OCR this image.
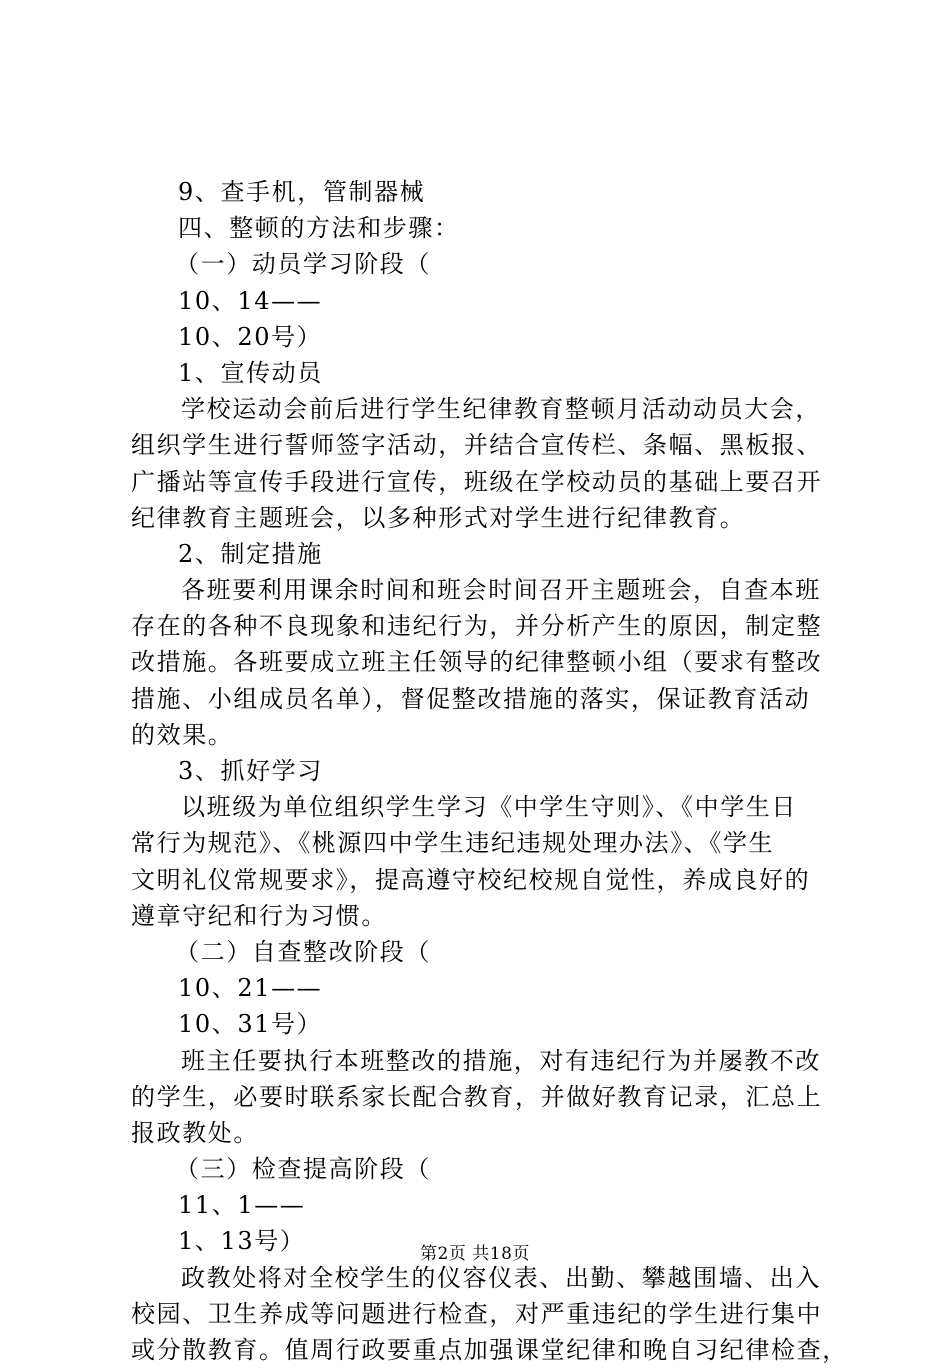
9、查手机，管制器械
四、整顿的方法和步骤：
（一）动员学习阶段（
10、14——
10、20号）
1、宣传动员
学校运动会前后进行学生纪律教育整顿月活动动员大会，
组织学生进行誓师签字活动，并结合宣传栏、条幅、黑板报、
广播站等宣传手段进行宣传，班级在学校动员的基础上要召开
纪律教育主题班会，以多种形式对学生进行纪律教育。
2、制定措施
各班要利用课余时间和班会时间召开主题班会，自查本班
存在的各种不良现象和违纪行为，并分析产生的原因，制定整
改措施。各班要成立班主任领导的纪律整顿小组（要求有整改
措施、小组成员名单），督促整改措施的落实，保证教育活动
的效果。
3、抓好学习
以班级为单位组织学生学习《中学生守则》、《中学生日
常行为规范》、《桃源四中学生违纪违规处理办法》、《学生
文明礼仪常规要求》，提高遵守校纪校规自觉性，养成良好的
遵章守纪和行为习惯。
（二）自查整改阶段（
10、21——
10、31号）
班主任要执行本班整改的措施，对有违纪行为并屡教不改
的学生，必要时联系家长配合教育，并做好教育记录，汇总上
报政教处。
（三）检查提高阶段（
11、1——
1、13号）
政教处将对全校学生的仪容仪表、出勤、攀越围墙、出入
校园、卫生养成等问题进行检查，对严重违纪的学生进行集中
或分散教育。值周行政要重点加强课堂纪律和晚自习纪律检查，
第2页 共18页
